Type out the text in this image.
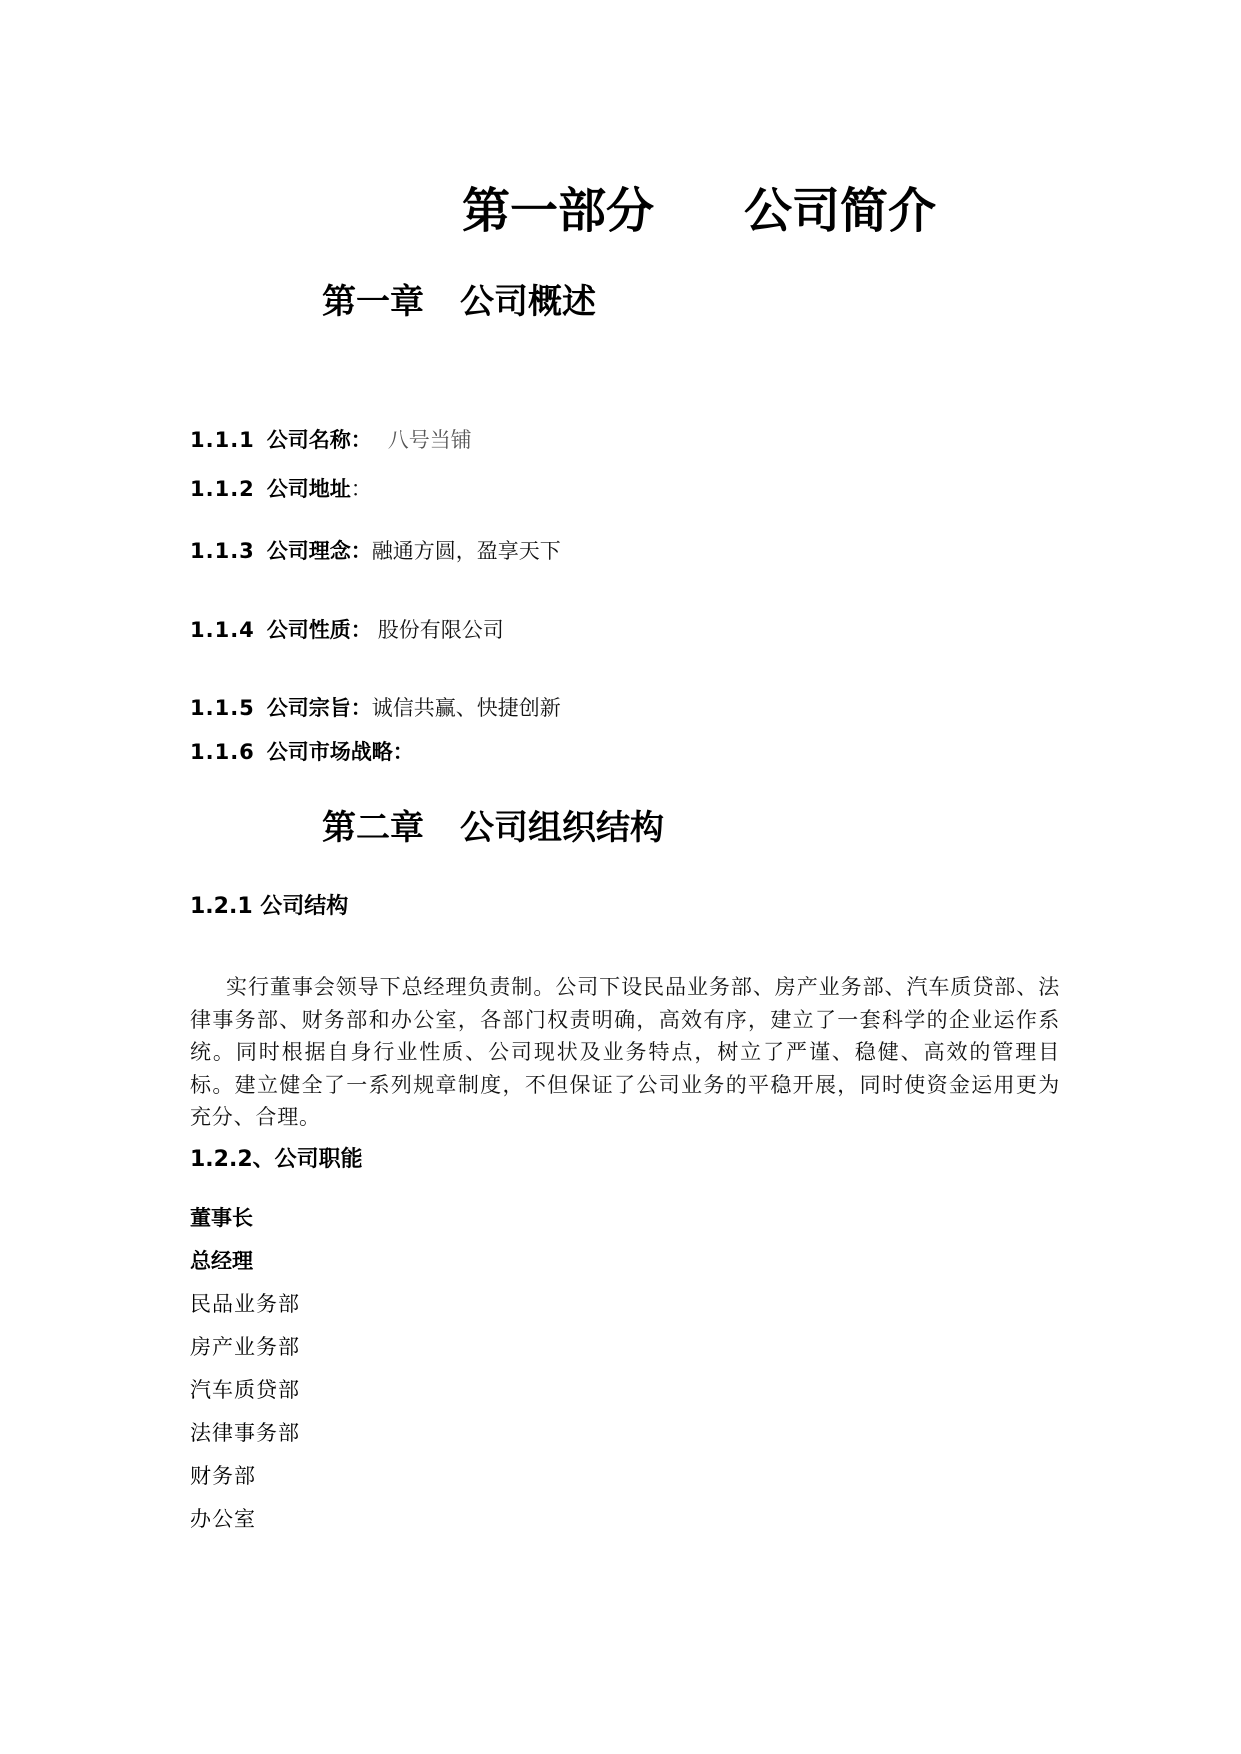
第一部分 公司简介
第一章 公司概述
1.1.1 公司名称： 八号当铺
1.1.2 公司地址：
1.1.3 公司理念：融通方圆，盈享天下
1.1.4 公司性质： 股份有限公司
1.1.5 公司宗旨：诚信共赢、快捷创新
1.1.6 公司市场战略：
第二章 公司组织结构
1.2.1 公司结构

实行董事会领导下总经理负责制。公司下设民品业务部、房产业务部、汽车质贷部、法律事务部、财务部和办公室，各部门权责明确，高效有序，建立了一套科学的企业运作系统。同时根据自身行业性质、公司现状及业务特点，树立了严谨、稳健、高效的管理目标。建立健全了一系列规章制度，不但保证了公司业务的平稳开展，同时使资金运用更为充分、合理。

1.2.2、公司职能
董事长
总经理
民品业务部
房产业务部
汽车质贷部
法律事务部
财务部
办公室
